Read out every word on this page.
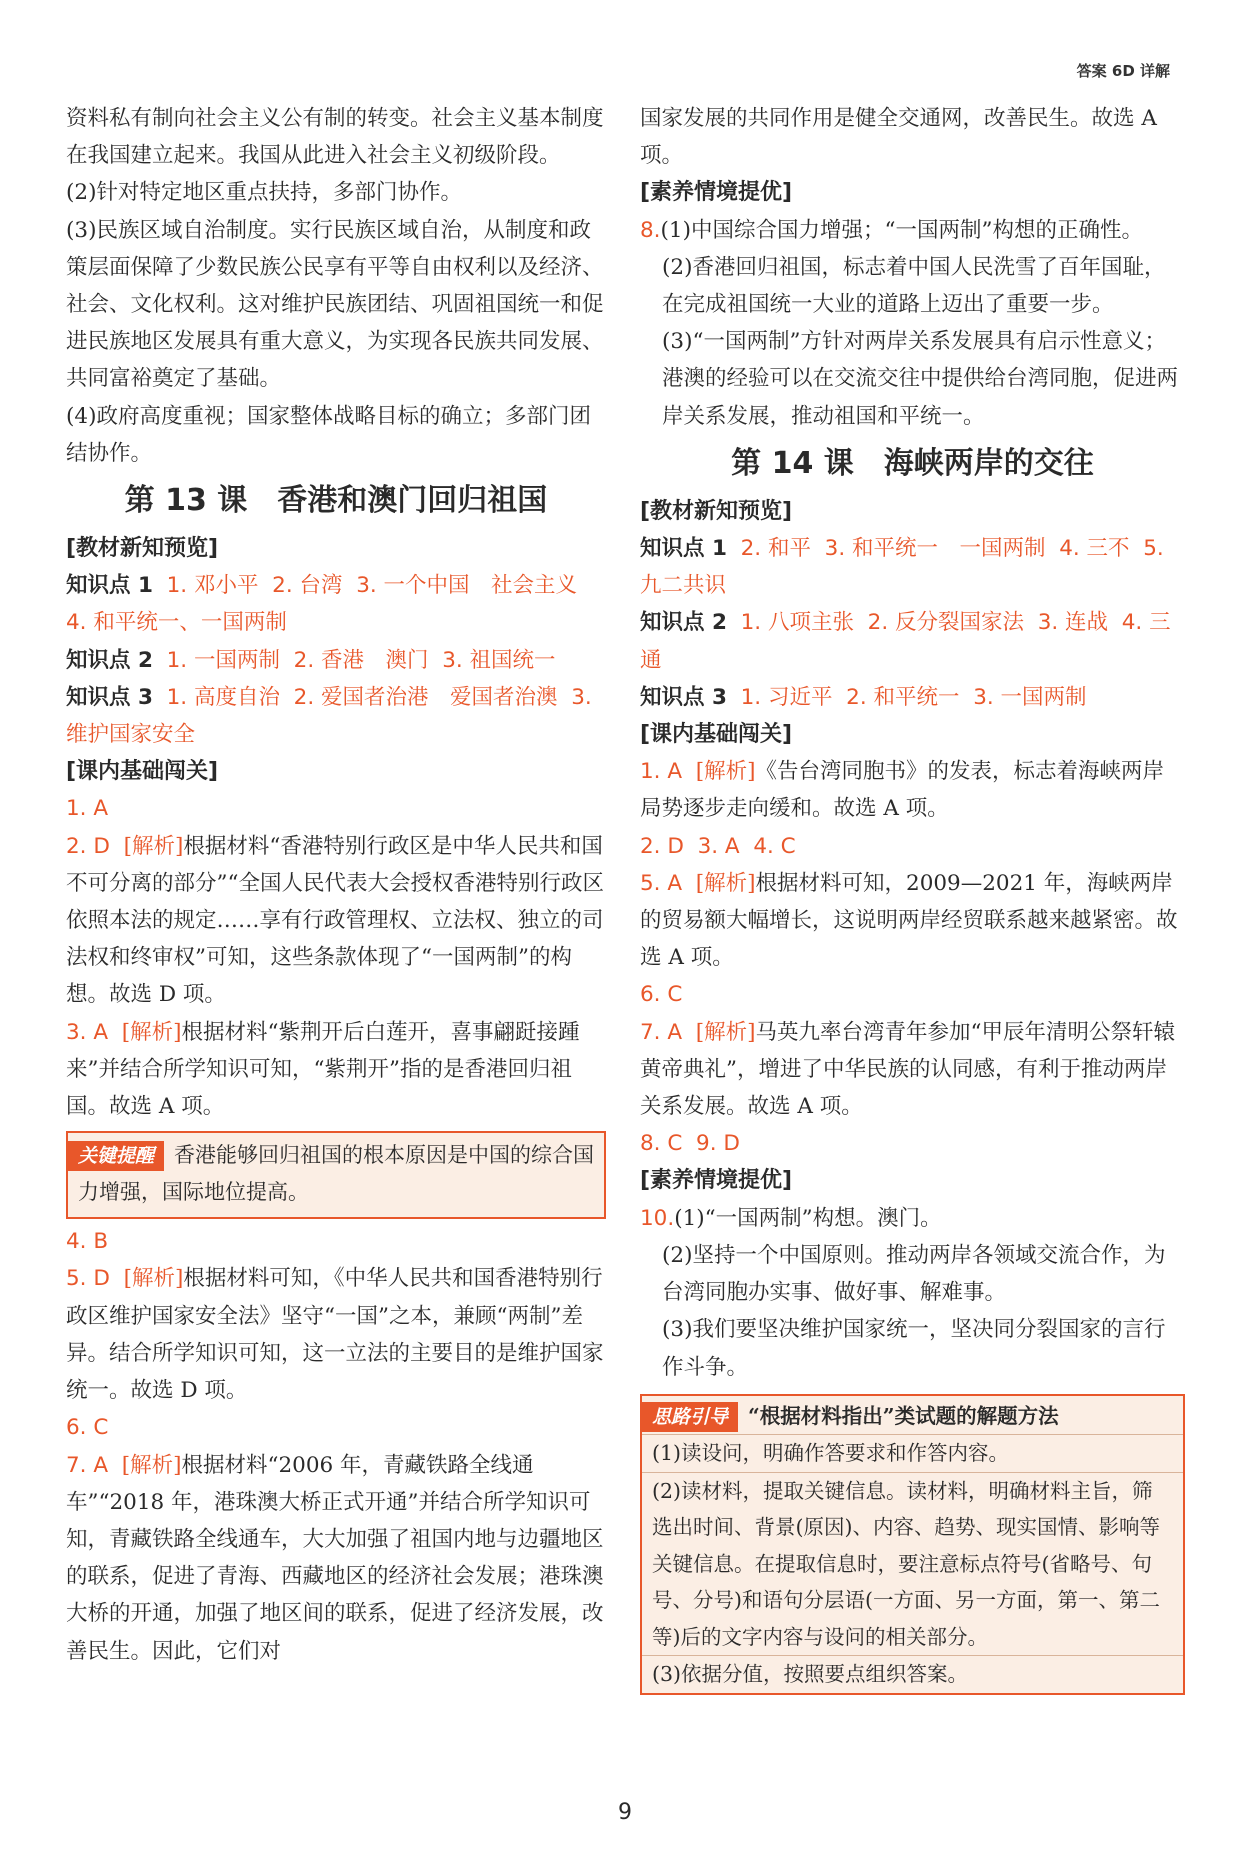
答案 6D 详解

资料私有制向社会主义公有制的转变。社会主义基本制度在我国建立起来。我国从此进入社会主义初级阶段。

(2)针对特定地区重点扶持，多部门协作。

(3)民族区域自治制度。实行民族区域自治，从制度和政策层面保障了少数民族公民享有平等自由权利以及经济、社会、文化权利。这对维护民族团结、巩固祖国统一和促进民族地区发展具有重大意义，为实现各民族共同发展、共同富裕奠定了基础。

(4)政府高度重视；国家整体战略目标的确立；多部门团结协作。

第 13 课　香港和澳门回归祖国

[教材新知预览]

知识点 1 1. 邓小平 2. 台湾 3. 一个中国　社会主义  4. 和平统一、一国两制

知识点 2 1. 一国两制 2. 香港　澳门 3. 祖国统一

知识点 3 1. 高度自治 2. 爱国者治港　爱国者治澳 3. 维护国家安全

[课内基础闯关]

1. A

2. D [解析]根据材料“香港特别行政区是中华人民共和国不可分离的部分”“全国人民代表大会授权香港特别行政区依照本法的规定……享有行政管理权、立法权、独立的司法权和终审权”可知，这些条款体现了“一国两制”的构想。故选 D 项。

3. A [解析]根据材料“紫荆开后白莲开，喜事翩跹接踵来”并结合所学知识可知，“紫荆开”指的是香港回归祖国。故选 A 项。

关键提醒 香港能够回归祖国的根本原因是中国的综合国力增强，国际地位提高。

4. B

5. D [解析]根据材料可知，《中华人民共和国香港特别行政区维护国家安全法》坚守“一国”之本，兼顾“两制”差异。结合所学知识可知，这一立法的主要目的是维护国家统一。故选 D 项。

6. C

7. A [解析]根据材料“2006 年，青藏铁路全线通车”“2018 年，港珠澳大桥正式开通”并结合所学知识可知，青藏铁路全线通车，大大加强了祖国内地与边疆地区的联系，促进了青海、西藏地区的经济社会发展；港珠澳大桥的开通，加强了地区间的联系，促进了经济发展，改善民生。因此，它们对

国家发展的共同作用是健全交通网，改善民生。故选 A 项。

[素养情境提优]

8.(1)中国综合国力增强；“一国两制”构想的正确性。

(2)香港回归祖国，标志着中国人民洗雪了百年国耻，在完成祖国统一大业的道路上迈出了重要一步。

(3)“一国两制”方针对两岸关系发展具有启示性意义；港澳的经验可以在交流交往中提供给台湾同胞，促进两岸关系发展，推动祖国和平统一。

第 14 课　海峡两岸的交往

[教材新知预览]

知识点 1 2. 和平 3. 和平统一　一国两制 4. 三不 5. 九二共识

知识点 2 1. 八项主张 2. 反分裂国家法 3. 连战 4. 三通

知识点 3 1. 习近平 2. 和平统一 3. 一国两制

[课内基础闯关]

1. A [解析]《告台湾同胞书》的发表，标志着海峡两岸局势逐步走向缓和。故选 A 项。

2. D 3. A 4. C

5. A [解析]根据材料可知，2009—2021 年，海峡两岸的贸易额大幅增长，这说明两岸经贸联系越来越紧密。故选 A 项。

6. C

7. A [解析]马英九率台湾青年参加“甲辰年清明公祭轩辕黄帝典礼”，增进了中华民族的认同感，有利于推动两岸关系发展。故选 A 项。

8. C 9. D

[素养情境提优]

10.(1)“一国两制”构想。澳门。

(2)坚持一个中国原则。推动两岸各领域交流合作，为台湾同胞办实事、做好事、解难事。

(3)我们要坚决维护国家统一，坚决同分裂国家的言行作斗争。

思路引导 “根据材料指出”类试题的解题方法
(1)读设问，明确作答要求和作答内容。
(2)读材料，提取关键信息。读材料，明确材料主旨，筛选出时间、背景(原因)、内容、趋势、现实国情、影响等关键信息。在提取信息时，要注意标点符号(省略号、句号、分号)和语句分层语(一方面、另一方面，第一、第二等)后的文字内容与设问的相关部分。
(3)依据分值，按照要点组织答案。
9
